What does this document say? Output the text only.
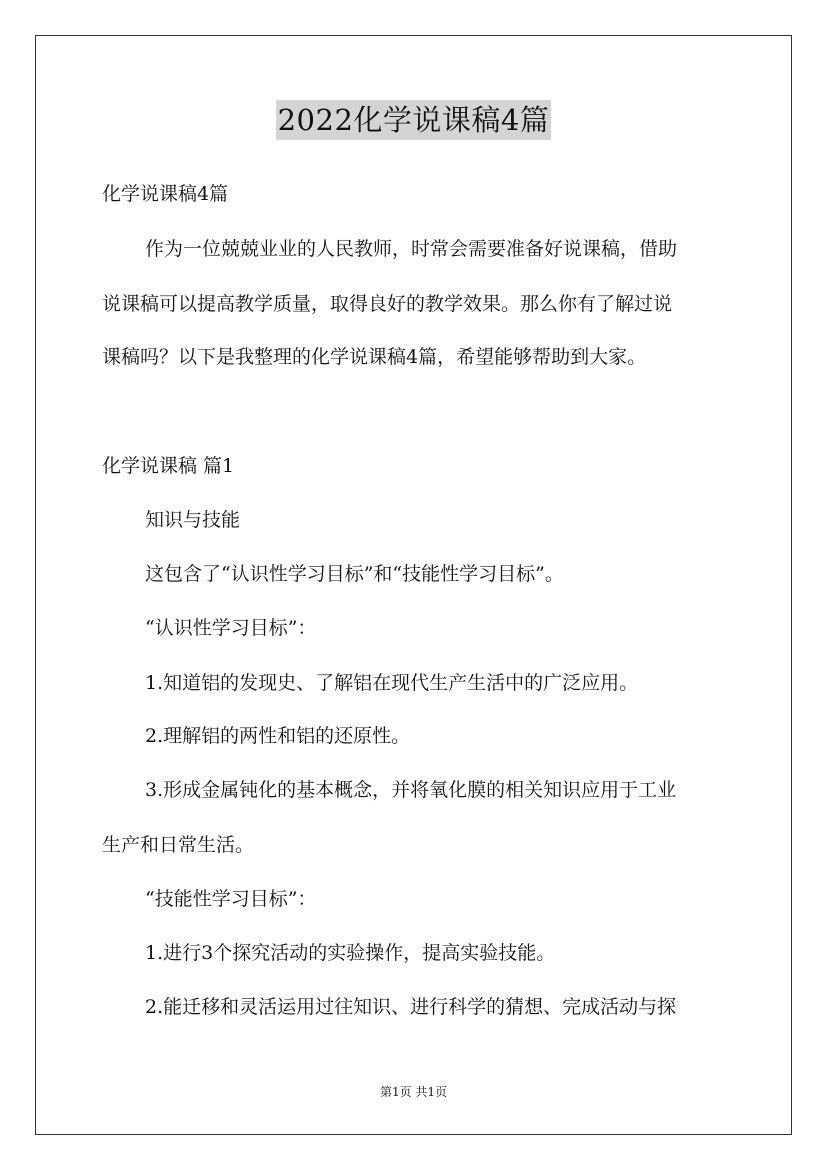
2022化学说课稿4篇
化学说课稿4篇
作为一位兢兢业业的人民教师，时常会需要准备好说课稿，借助
说课稿可以提高教学质量，取得良好的教学效果。那么你有了解过说
课稿吗？以下是我整理的化学说课稿4篇，希望能够帮助到大家。
化学说课稿 篇1
知识与技能
这包含了“认识性学习目标”和“技能性学习目标”。
“认识性学习目标”：
1.知道铝的发现史、了解铝在现代生产生活中的广泛应用。
2.理解铝的两性和铝的还原性。
3.形成金属钝化的基本概念，并将氧化膜的相关知识应用于工业
生产和日常生活。
“技能性学习目标”：
1.进行3个探究活动的实验操作，提高实验技能。
2.能迁移和灵活运用过往知识、进行科学的猜想、完成活动与探
第1页 共1页
